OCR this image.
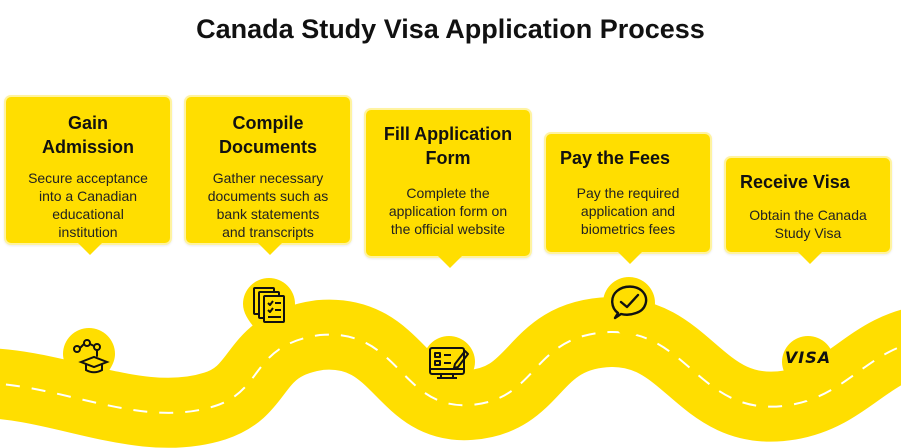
Canada Study Visa Application Process
Gain
Admission
Secure acceptance
into a Canadian
educational
institution
Compile
Documents
Gather necessary
documents such as
bank statements
and transcripts
Fill Application
Form
Complete the
application form on
the official website
Pay the Fees
Pay the required
application and
biometrics fees
Receive Visa
Obtain the Canada
Study Visa
VISA
